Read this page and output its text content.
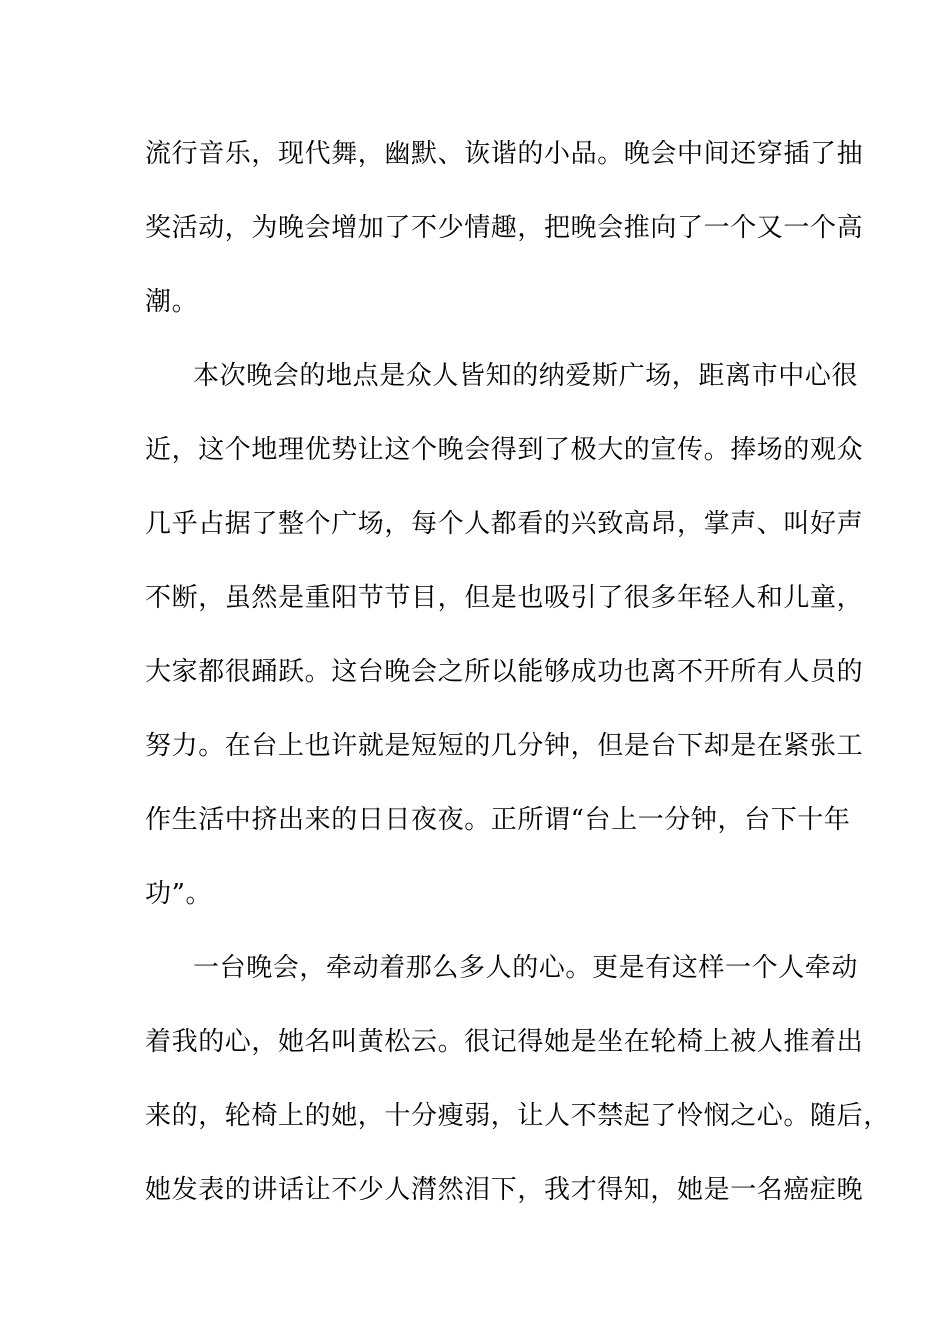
流行音乐，现代舞，幽默、诙谐的小品。晚会中间还穿插了抽
奖活动，为晚会增加了不少情趣，把晚会推向了一个又一个高
潮。
本次晚会的地点是众人皆知的纳爱斯广场，距离市中心很
近，这个地理优势让这个晚会得到了极大的宣传。捧场的观众
几乎占据了整个广场，每个人都看的兴致高昂，掌声、叫好声
不断，虽然是重阳节节目，但是也吸引了很多年轻人和儿童，
大家都很踊跃。这台晚会之所以能够成功也离不开所有人员的
努力。在台上也许就是短短的几分钟，但是台下却是在紧张工
作生活中挤出来的日日夜夜。正所谓“台上一分钟，台下十年
功”。
一台晚会，牵动着那么多人的心。更是有这样一个人牵动
着我的心，她名叫黄松云。很记得她是坐在轮椅上被人推着出
来的，轮椅上的她，十分瘦弱，让人不禁起了怜悯之心。随后，
她发表的讲话让不少人潸然泪下，我才得知，她是一名癌症晚
